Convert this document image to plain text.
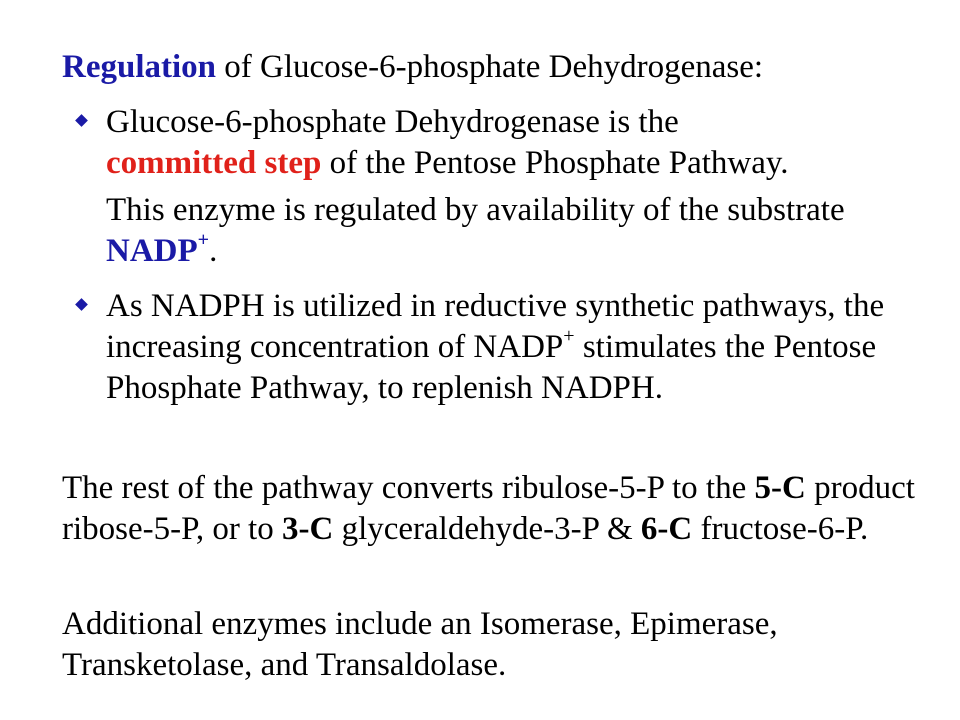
Regulation of Glucose-6-phosphate Dehydrogenase:
Glucose-6-phosphate Dehydrogenase is the
committed step of the Pentose Phosphate Pathway.
This enzyme is regulated by availability of the substrate NADP+.
As NADPH is utilized in reductive synthetic pathways, the increasing concentration of NADP+ stimulates the Pentose Phosphate Pathway, to replenish NADPH.
The rest of the pathway converts ribulose-5-P to the 5-C product ribose-5-P, or to 3-C glyceraldehyde-3-P & 6-C fructose-6-P.
Additional enzymes include an Isomerase, Epimerase, Transketolase, and Transaldolase.
